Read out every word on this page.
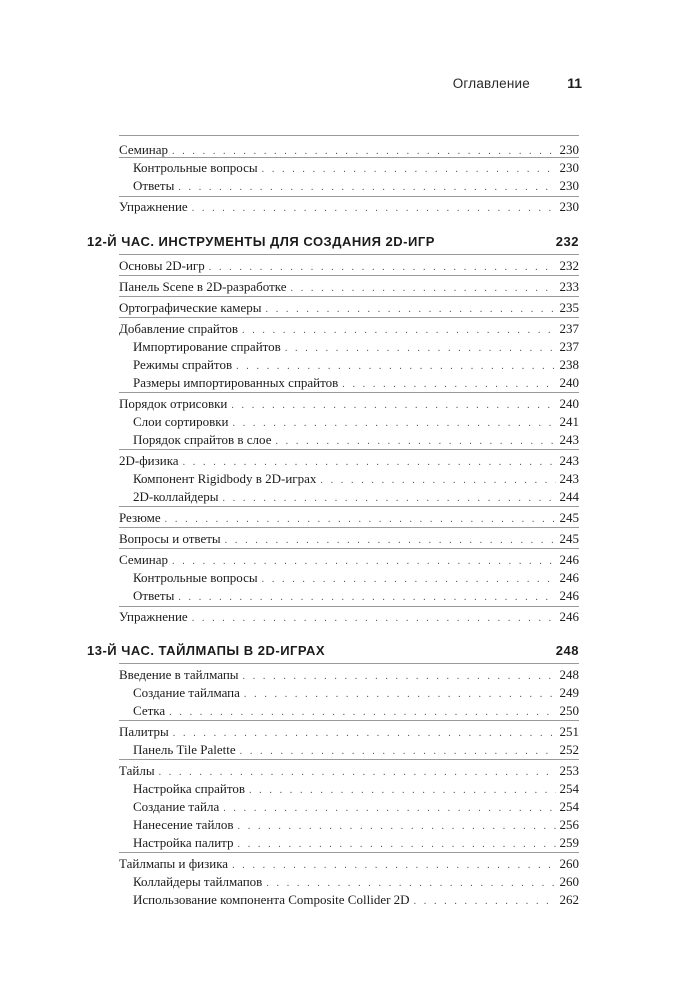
Оглавление	11
Семинар . . .	230
Контрольные вопросы . . .	230
Ответы . . .	230
Упражнение . . .	230
12-Й ЧАС. ИНСТРУМЕНТЫ ДЛЯ СОЗДАНИЯ 2D-ИГР	232
Основы 2D-игр . . .	232
Панель Scene в 2D-разработке . . .	233
Ортографические камеры . . .	235
Добавление спрайтов . . .	237
Импортирование спрайтов . . .	237
Режимы спрайтов . . .	238
Размеры импортированных спрайтов . . .	240
Порядок отрисовки . . .	240
Слои сортировки . . .	241
Порядок спрайтов в слое . . .	243
2D-физика . . .	243
Компонент Rigidbody в 2D-играх . . .	243
2D-коллайдеры . . .	244
Резюме . . .	245
Вопросы и ответы . . .	245
Семинар . . .	246
Контрольные вопросы . . .	246
Ответы . . .	246
Упражнение . . .	246
13-Й ЧАС. ТАЙЛМАПЫ В 2D-ИГРАХ	248
Введение в тайлмапы . . .	248
Создание тайлмапа . . .	249
Сетка . . .	250
Палитры . . .	251
Панель Tile Palette . . .	252
Тайлы . . .	253
Настройка спрайтов . . .	254
Создание тайла . . .	254
Нанесение тайлов . . .	256
Настройка палитр . . .	259
Тайлмапы и физика . . .	260
Коллайдеры тайлмапов . . .	260
Использование компонента Composite Collider 2D . . .	262
